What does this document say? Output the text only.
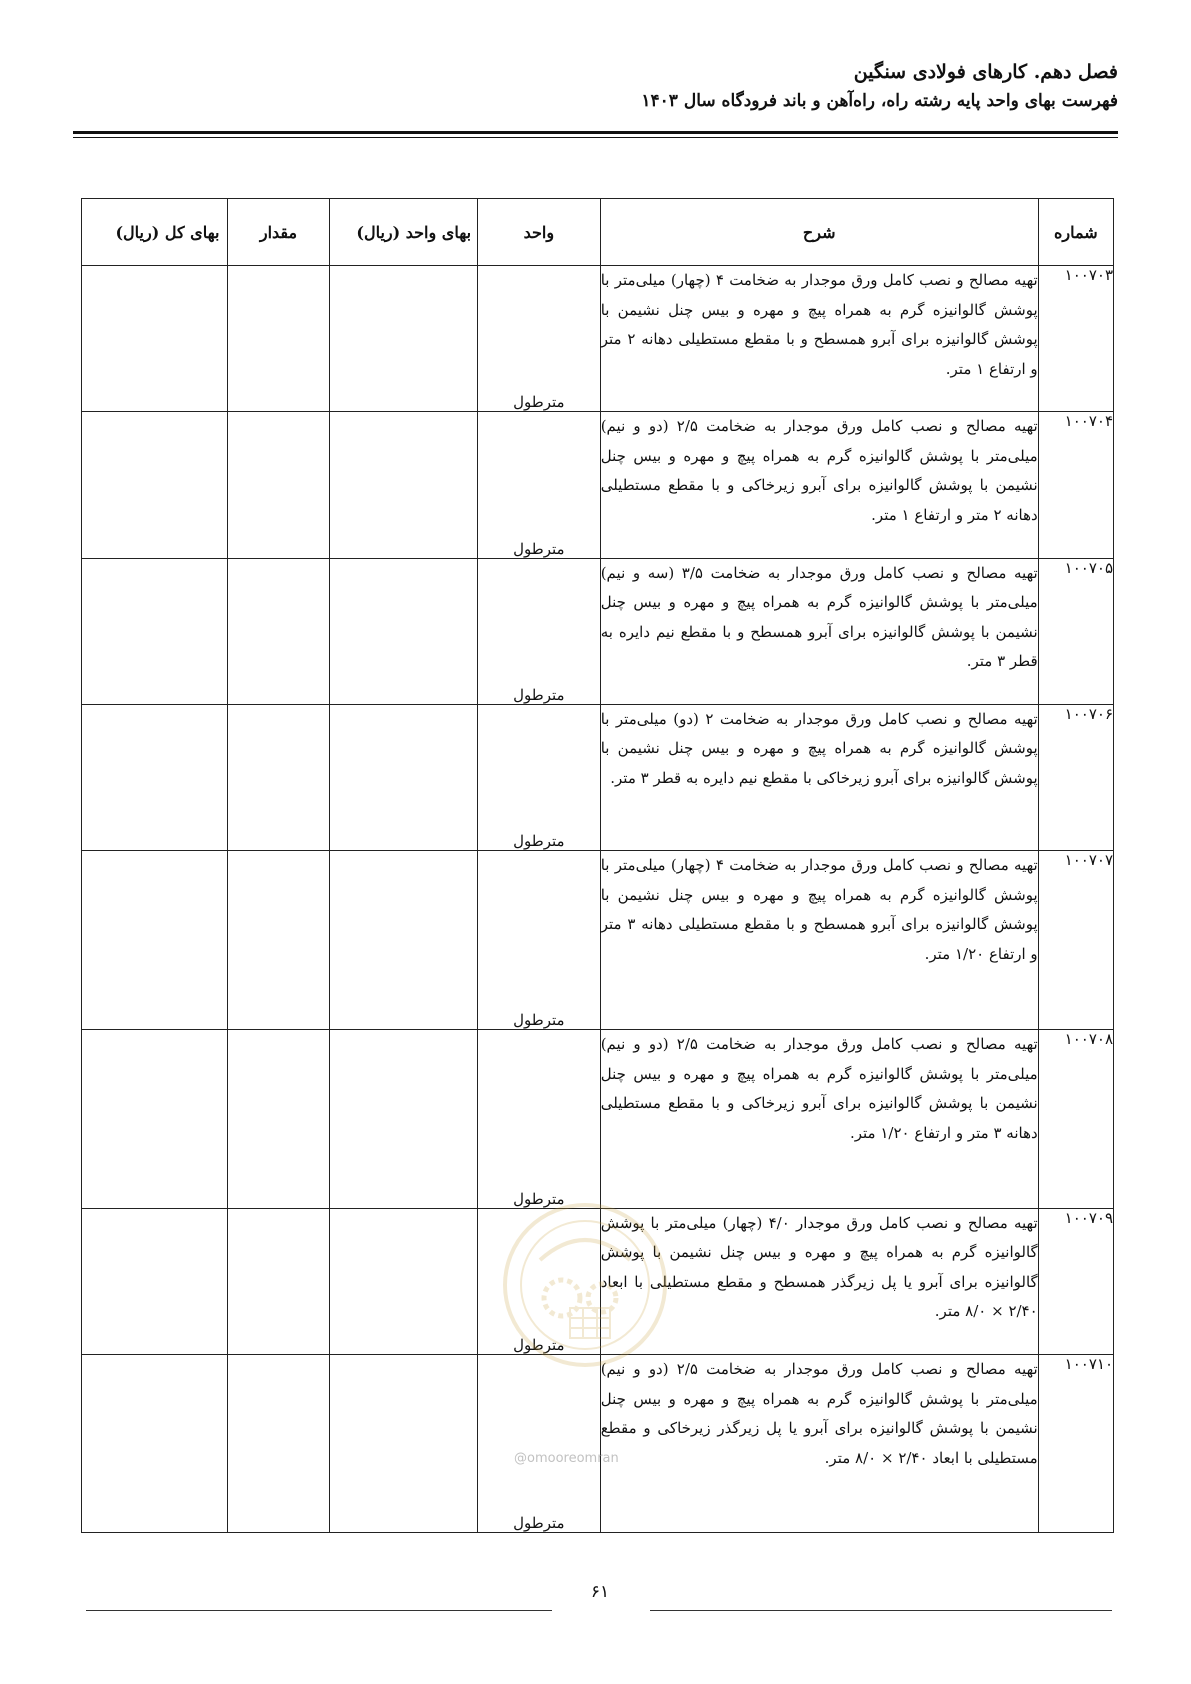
فصل دهم. کارهای فولادی سنگین

فهرست بهای واحد پایه رشته راه، راه‌آهن و باند فرودگاه سال ۱۴۰۳

شماره	شرح	واحد	بهای واحد (ریال)	مقدار	بهای کل (ریال)
۱۰۰۷۰۳	تهیه مصالح و نصب کامل ورق موجدار به ضخامت ۴ (چهار) میلی‌متر با پوشش گالوانیزه گرم به همراه پیچ و مهره و بیس چنل نشیمن با پوشش گالوانیزه برای آبرو همسطح و با مقطع مستطیلی دهانه ۲ متر و ارتفاع ۱ متر.	مترطول			
۱۰۰۷۰۴	تهیه مصالح و نصب کامل ورق موجدار به ضخامت ۲/۵ (دو و نیم) میلی‌متر با پوشش گالوانیزه گرم به همراه پیچ و مهره و بیس چنل نشیمن با پوشش گالوانیزه برای آبرو زیرخاکی و با مقطع مستطیلی دهانه ۲ متر و ارتفاع ۱ متر.	مترطول			
۱۰۰۷۰۵	تهیه مصالح و نصب کامل ورق موجدار به ضخامت ۳/۵ (سه و نیم) میلی‌متر با پوشش گالوانیزه گرم به همراه پیچ و مهره و بیس چنل نشیمن با پوشش گالوانیزه برای آبرو همسطح و با مقطع نیم دایره به قطر ۳ متر.	مترطول			
۱۰۰۷۰۶	تهیه مصالح و نصب کامل ورق موجدار به ضخامت ۲ (دو) میلی‌متر با پوشش گالوانیزه گرم به همراه پیچ و مهره و بیس چنل نشیمن با پوشش گالوانیزه برای آبرو زیرخاکی با مقطع نیم دایره به قطر ۳ متر.	مترطول			
۱۰۰۷۰۷	تهیه مصالح و نصب کامل ورق موجدار به ضخامت ۴ (چهار) میلی‌متر با پوشش گالوانیزه گرم به همراه پیچ و مهره و بیس چنل نشیمن با پوشش گالوانیزه برای آبرو همسطح و با مقطع مستطیلی دهانه ۳ متر و ارتفاع ۱/۲۰ متر.	مترطول			
۱۰۰۷۰۸	تهیه مصالح و نصب کامل ورق موجدار به ضخامت ۲/۵ (دو و نیم) میلی‌متر با پوشش گالوانیزه گرم به همراه پیچ و مهره و بیس چنل نشیمن با پوشش گالوانیزه برای آبرو زیرخاکی و با مقطع مستطیلی دهانه ۳ متر و ارتفاع ۱/۲۰ متر.	مترطول			
۱۰۰۷۰۹	تهیه مصالح و نصب کامل ورق موجدار ۴/۰ (چهار) میلی‌متر با پوشش گالوانیزه گرم به همراه پیچ و مهره و بیس چنل نشیمن با پوشش گالوانیزه برای آبرو یا پل زیرگذر همسطح و مقطع مستطیلی با ابعاد ۲/۴۰ × ۸/۰ متر.	مترطول			
۱۰۰۷۱۰	تهیه مصالح و نصب کامل ورق موجدار به ضخامت ۲/۵ (دو و نیم) میلی‌متر با پوشش گالوانیزه گرم به همراه پیچ و مهره و بیس چنل نشیمن با پوشش گالوانیزه برای آبرو یا پل زیرگذر زیرخاکی و مقطع مستطیلی با ابعاد ۲/۴۰ × ۸/۰ متر.	مترطول			
@omooreomran
۶۱
